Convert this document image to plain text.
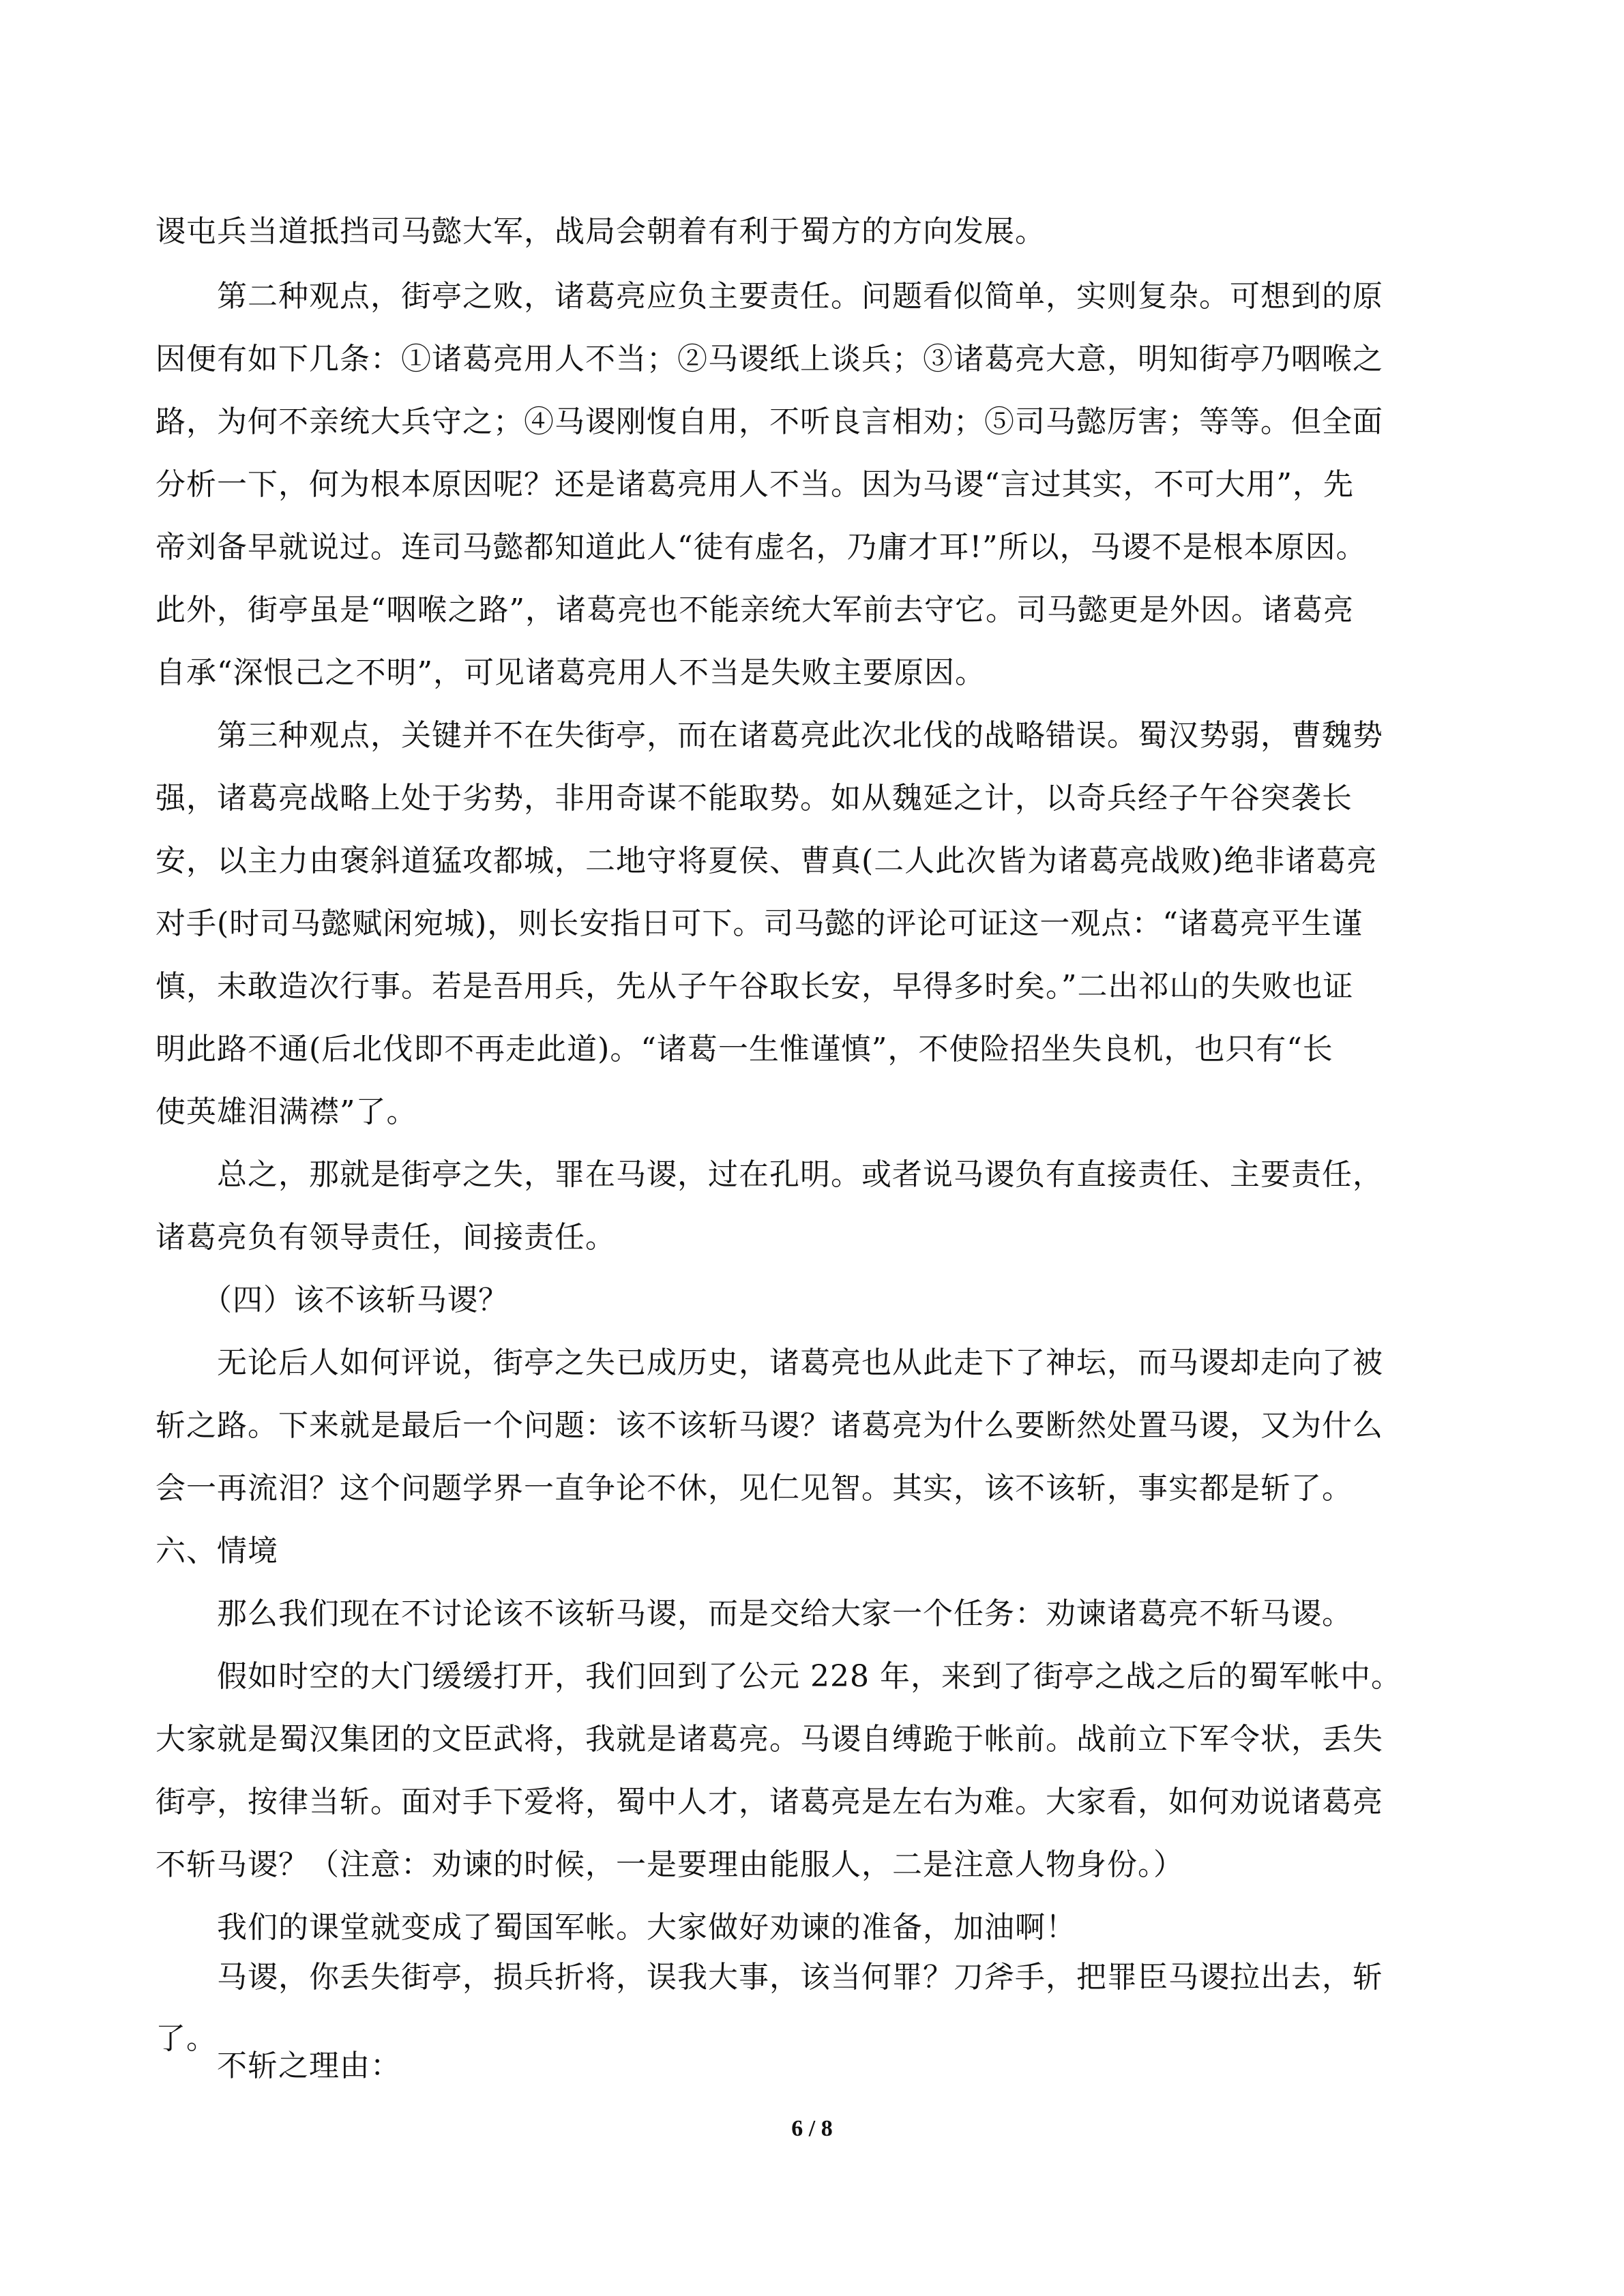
谡屯兵当道抵挡司马懿大军，战局会朝着有利于蜀方的方向发展。
第二种观点，街亭之败，诸葛亮应负主要责任。问题看似简单，实则复杂。可想到的原
因便有如下几条：①诸葛亮用人不当；②马谡纸上谈兵；③诸葛亮大意，明知街亭乃咽喉之
路，为何不亲统大兵守之；④马谡刚愎自用，不听良言相劝；⑤司马懿厉害；等等。但全面
分析一下，何为根本原因呢？还是诸葛亮用人不当。因为马谡“言过其实，不可大用”，先
帝刘备早就说过。连司马懿都知道此人“徒有虚名，乃庸才耳!”所以，马谡不是根本原因。
此外，街亭虽是“咽喉之路”，诸葛亮也不能亲统大军前去守它。司马懿更是外因。诸葛亮
自承“深恨己之不明”，可见诸葛亮用人不当是失败主要原因。
第三种观点，关键并不在失街亭，而在诸葛亮此次北伐的战略错误。蜀汉势弱，曹魏势
强，诸葛亮战略上处于劣势，非用奇谋不能取势。如从魏延之计，以奇兵经子午谷突袭长
安，以主力由褒斜道猛攻都城，二地守将夏侯、曹真(二人此次皆为诸葛亮战败)绝非诸葛亮
对手(时司马懿赋闲宛城)，则长安指日可下。司马懿的评论可证这一观点：“诸葛亮平生谨
慎，未敢造次行事。若是吾用兵，先从子午谷取长安，早得多时矣。”二出祁山的失败也证
明此路不通(后北伐即不再走此道)。“诸葛一生惟谨慎”，不使险招坐失良机，也只有“长
使英雄泪满襟”了。
总之，那就是街亭之失，罪在马谡，过在孔明。或者说马谡负有直接责任、主要责任，
诸葛亮负有领导责任，间接责任。
（四）该不该斩马谡？
无论后人如何评说，街亭之失已成历史，诸葛亮也从此走下了神坛，而马谡却走向了被
斩之路。下来就是最后一个问题：该不该斩马谡？诸葛亮为什么要断然处置马谡，又为什么
会一再流泪？这个问题学界一直争论不休，见仁见智。其实，该不该斩，事实都是斩了。
六、情境
那么我们现在不讨论该不该斩马谡，而是交给大家一个任务：劝谏诸葛亮不斩马谡。
假如时空的大门缓缓打开，我们回到了公元 228 年，来到了街亭之战之后的蜀军帐中。
大家就是蜀汉集团的文臣武将，我就是诸葛亮。马谡自缚跪于帐前。战前立下军令状，丢失
街亭，按律当斩。面对手下爱将，蜀中人才，诸葛亮是左右为难。大家看，如何劝说诸葛亮
不斩马谡？（注意：劝谏的时候，一是要理由能服人，二是注意人物身份。）
我们的课堂就变成了蜀国军帐。大家做好劝谏的准备，加油啊！
马谡，你丢失街亭，损兵折将，误我大事，该当何罪？刀斧手，把罪臣马谡拉出去，斩
了。
6 / 8
不斩之理由：
